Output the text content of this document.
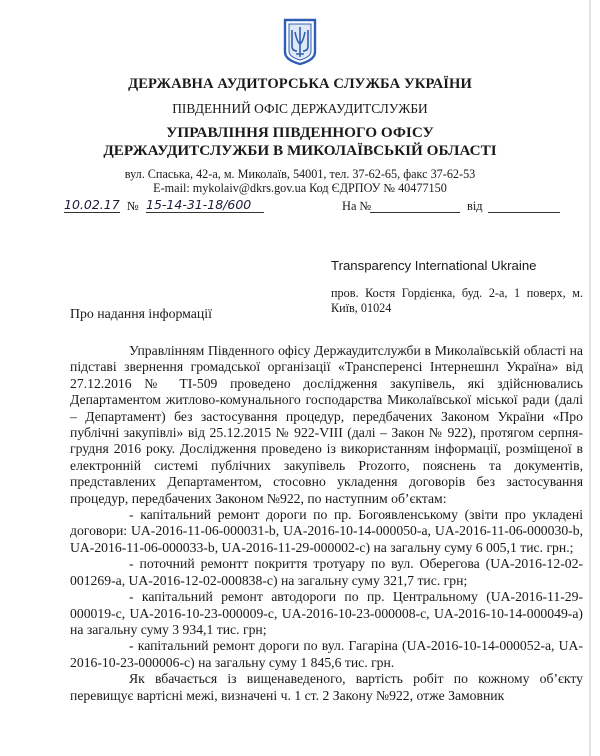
ДЕРЖАВНА АУДИТОРСЬКА СЛУЖБА УКРАЇНИ
ПІВДЕННИЙ ОФІС ДЕРЖАУДИТСЛУЖБИ
УПРАВЛІННЯ ПІВДЕННОГО ОФІСУ
ДЕРЖАУДИТСЛУЖБИ В МИКОЛАЇВСЬКІЙ ОБЛАСТІ
вул. Спаська, 42-а, м. Миколаїв, 54001, тел. 37-62-65, факс 37-62-53
E-mail: mykolaiv@dkrs.gov.ua Код ЄДРПОУ № 40477150
10.02.17 № 15-14-31-18/600	На №	від
Transparency International Ukraine
пров. Костя Гордієнка, буд. 2-а, 1 поверх, м. Київ, 01024
Про надання інформації

Управлінням Південного офісу Держаудитслужби в Миколаївській області на підставі звернення громадської організації «Трансперенсі Інтернешнл Україна» від 27.12.2016 № ТІ-509 проведено дослідження закупівель, які здійснювались Департаментом житлово-комунального господарства Миколаївської міської ради (далі – Департамент) без застосування процедур, передбачених Законом України «Про публічні закупівлі» від 25.12.2015 № 922-VIII (далі – Закон № 922), протягом серпня-грудня 2016 року. Дослідження проведено із використанням інформації, розміщеної в електронній системі публічних закупівель Prozorro, пояснень та документів, представлених Департаментом, стосовно укладення договорів без застосування процедур, передбачених Законом №922, по наступним об’єктам:

- капітальний ремонт дороги по пр. Богоявленському (звіти про укладені договори: UA-2016-11-06-000031-b, UA-2016-10-14-000050-a, UA-2016-11-06-000030-b, UA-2016-11-06-000033-b, UA-2016-11-29-000002-c) на загальну суму 6 005,1 тис. грн.;

- поточний ремонтт покриття тротуару по вул. Оберегова (UA-2016-12-02-001269-a, UA-2016-12-02-000838-c) на загальну суму 321,7 тис. грн;

- капітальний ремонт автодороги по пр. Центральному (UA-2016-11-29-000019-c, UA-2016-10-23-000009-c, UA-2016-10-23-000008-c, UA-2016-10-14-000049-a) на загальну суму 3 934,1 тис. грн;

- капітальний ремонт дороги по вул. Гагаріна (UA-2016-10-14-000052-a, UA-2016-10-23-000006-c) на загальну суму 1 845,6 тис. грн.

Як вбачається із вищенаведеного, вартість робіт по кожному об’єкту перевищує вартісні межі, визначені ч. 1 ст. 2 Закону №922, отже Замовник
